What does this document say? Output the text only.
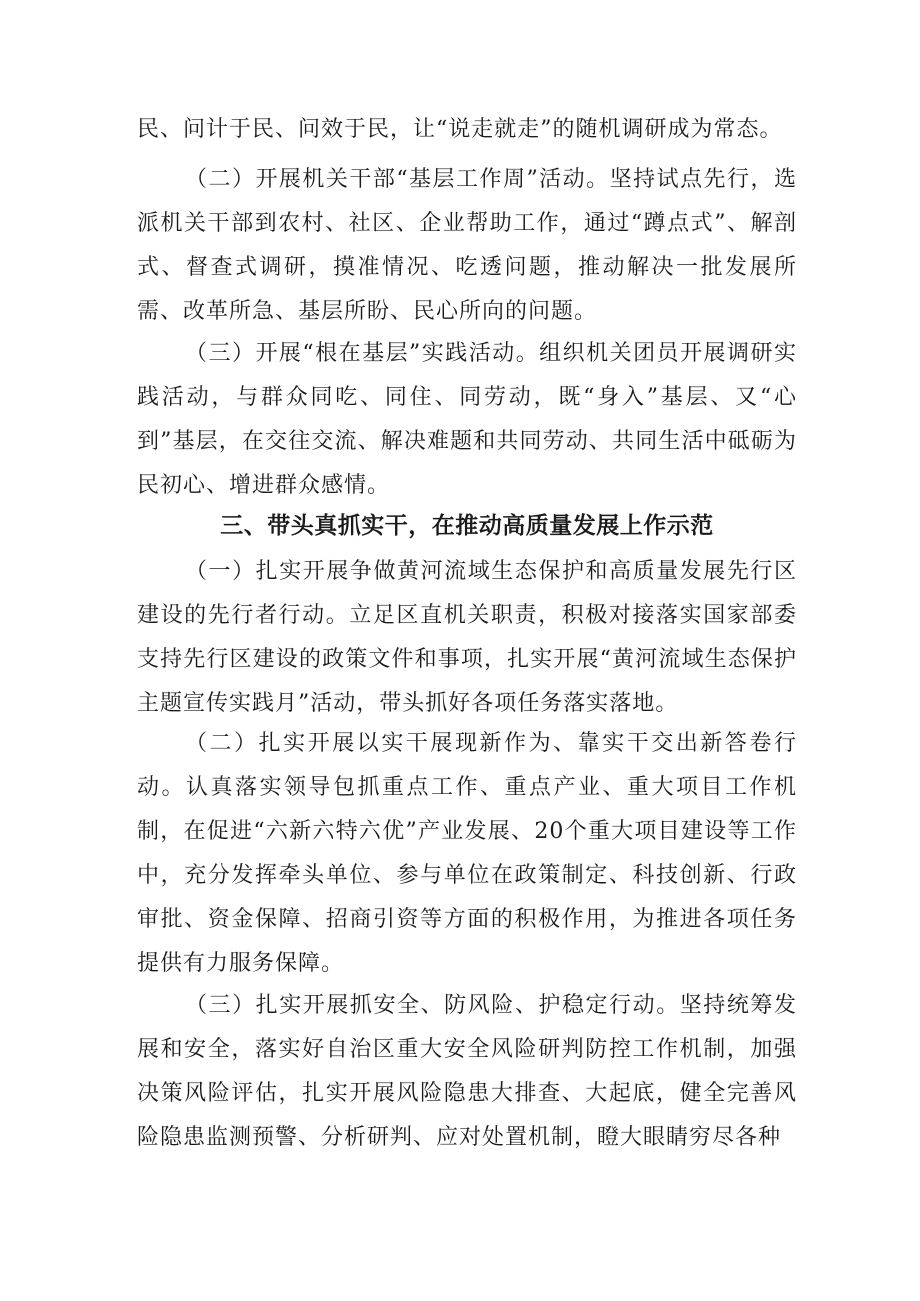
民、问计于民、问效于民，让“说走就走”的随机调研成为常态。

（二）开展机关干部“基层工作周”活动。坚持试点先行，选派机关干部到农村、社区、企业帮助工作，通过“蹲点式”、解剖式、督查式调研，摸准情况、吃透问题，推动解决一批发展所需、改革所急、基层所盼、民心所向的问题。

（三）开展“根在基层”实践活动。组织机关团员开展调研实践活动，与群众同吃、同住、同劳动，既“身入”基层、又“心到”基层，在交往交流、解决难题和共同劳动、共同生活中砥砺为民初心、增进群众感情。

三、带头真抓实干，在推动高质量发展上作示范

（一）扎实开展争做黄河流域生态保护和高质量发展先行区建设的先行者行动。立足区直机关职责，积极对接落实国家部委支持先行区建设的政策文件和事项，扎实开展“黄河流域生态保护主题宣传实践月”活动，带头抓好各项任务落实落地。

（二）扎实开展以实干展现新作为、靠实干交出新答卷行动。认真落实领导包抓重点工作、重点产业、重大项目工作机制，在促进“六新六特六优”产业发展、20个重大项目建设等工作中，充分发挥牵头单位、参与单位在政策制定、科技创新、行政审批、资金保障、招商引资等方面的积极作用，为推进各项任务提供有力服务保障。

（三）扎实开展抓安全、防风险、护稳定行动。坚持统筹发展和安全，落实好自治区重大安全风险研判防控工作机制，加强决策风险评估，扎实开展风险隐患大排查、大起底，健全完善风险隐患监测预警、分析研判、应对处置机制，瞪大眼睛穷尽各种
